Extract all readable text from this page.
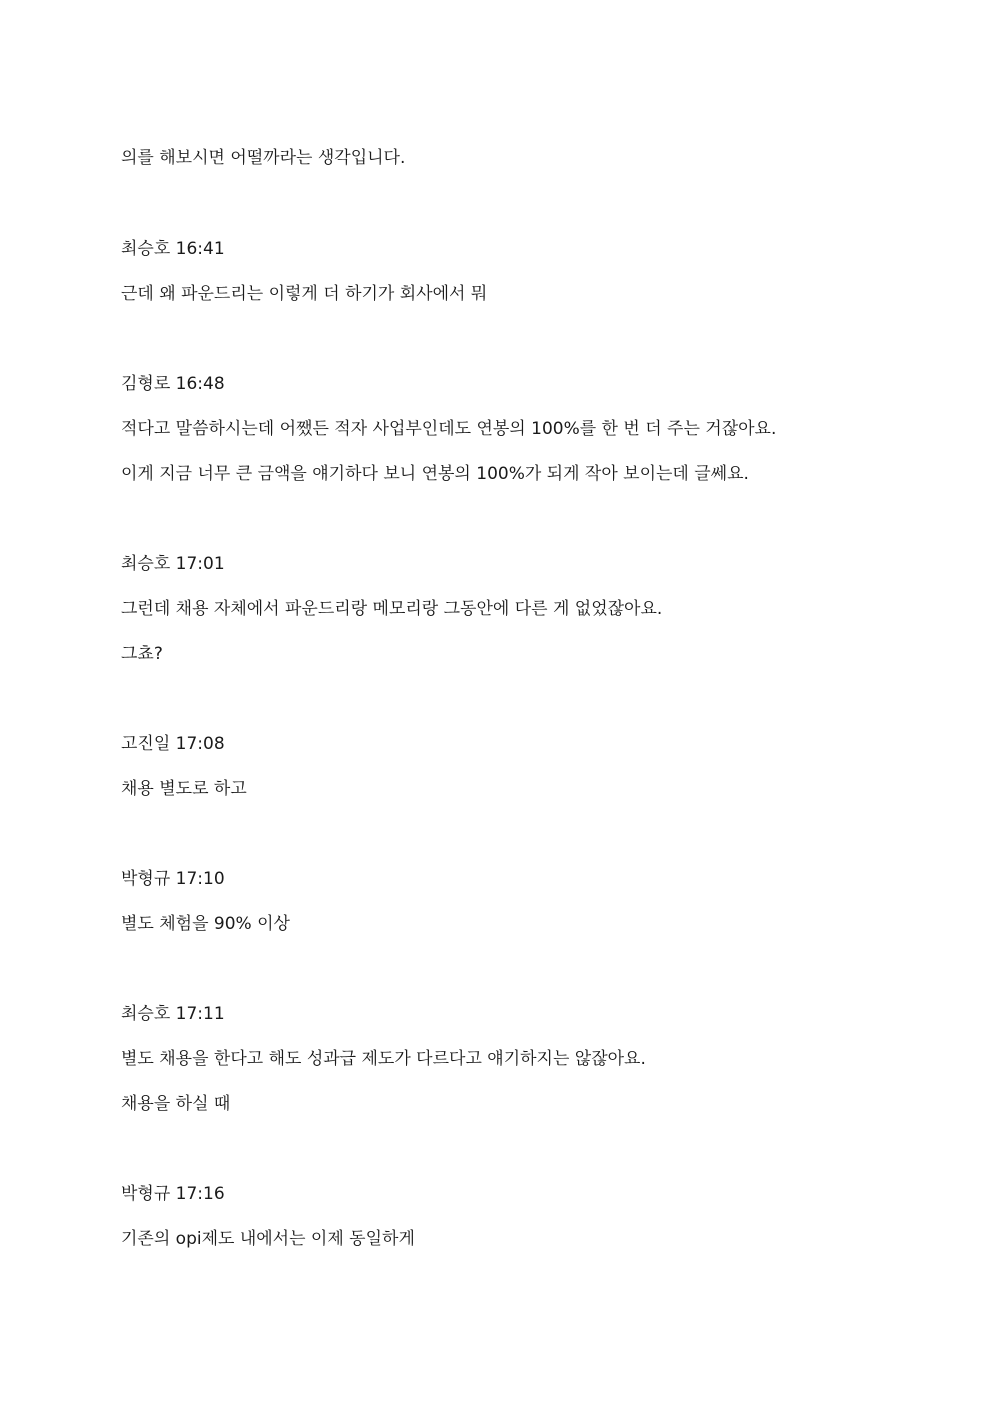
의를 해보시면 어떨까라는 생각입니다.

최승호 16:41

근데 왜 파운드리는 이렇게 더 하기가 회사에서 뭐

김형로 16:48

적다고 말씀하시는데 어쨌든 적자 사업부인데도 연봉의 100%를 한 번 더 주는 거잖아요.

이게 지금 너무 큰 금액을 얘기하다 보니 연봉의 100%가 되게 작아 보이는데 글쎄요.

최승호 17:01

그런데 채용 자체에서 파운드리랑 메모리랑 그동안에 다른 게 없었잖아요.

그쵸?

고진일 17:08

채용 별도로 하고

박형규 17:10

별도 체험을 90% 이상

최승호 17:11

별도 채용을 한다고 해도 성과급 제도가 다르다고 얘기하지는 않잖아요.

채용을 하실 때

박형규 17:16

기존의 opi제도 내에서는 이제 동일하게
